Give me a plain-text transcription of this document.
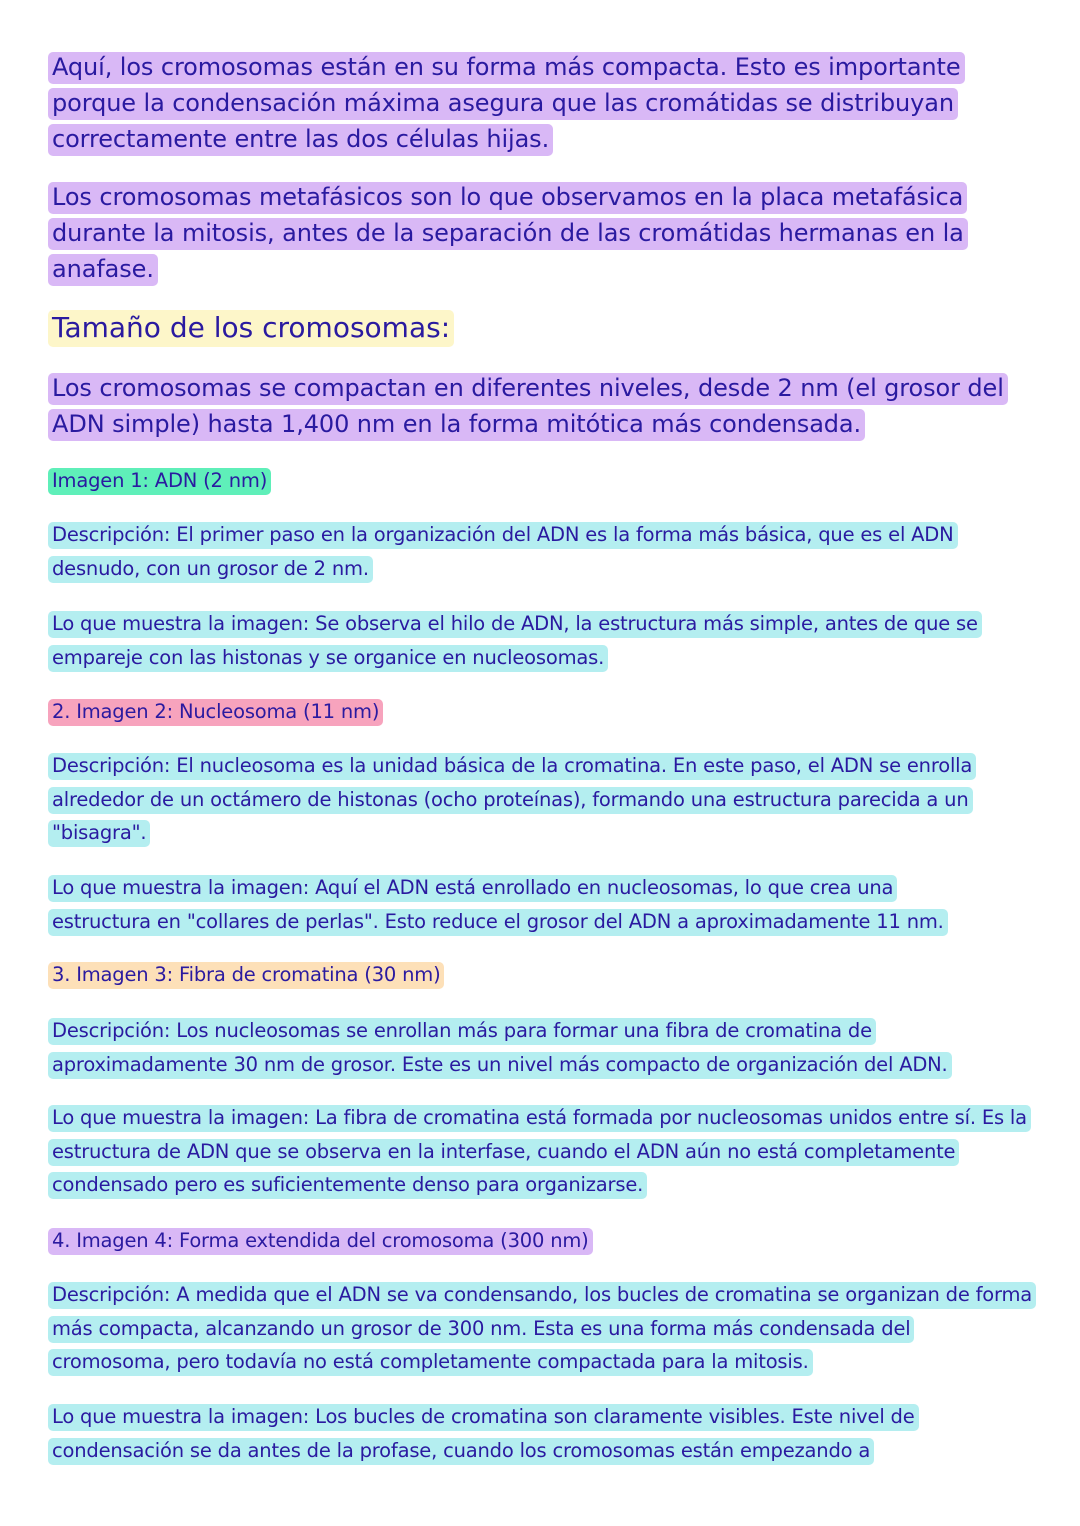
Aquí, los cromosomas están en su forma más compacta. Esto es importante porque la condensación máxima asegura que las cromátidas se distribuyan correctamente entre las dos células hijas.

Los cromosomas metafásicos son lo que observamos en la placa metafásica durante la mitosis, antes de la separación de las cromátidas hermanas en la anafase.

Tamaño de los cromosomas:

Los cromosomas se compactan en diferentes niveles, desde 2 nm (el grosor del ADN simple) hasta 1,400 nm en la forma mitótica más condensada.

Imagen 1: ADN (2 nm)

Descripción: El primer paso en la organización del ADN es la forma más básica, que es el ADN desnudo, con un grosor de 2 nm.

Lo que muestra la imagen: Se observa el hilo de ADN, la estructura más simple, antes de que se empareje con las histonas y se organice en nucleosomas.

2. Imagen 2: Nucleosoma (11 nm)

Descripción: El nucleosoma es la unidad básica de la cromatina. En este paso, el ADN se enrolla alrededor de un octámero de histonas (ocho proteínas), formando una estructura parecida a un "bisagra".

Lo que muestra la imagen: Aquí el ADN está enrollado en nucleosomas, lo que crea una estructura en "collares de perlas". Esto reduce el grosor del ADN a aproximadamente 11 nm.

3. Imagen 3: Fibra de cromatina (30 nm)

Descripción: Los nucleosomas se enrollan más para formar una fibra de cromatina de aproximadamente 30 nm de grosor. Este es un nivel más compacto de organización del ADN.

Lo que muestra la imagen: La fibra de cromatina está formada por nucleosomas unidos entre sí. Es la estructura de ADN que se observa en la interfase, cuando el ADN aún no está completamente condensado pero es suficientemente denso para organizarse.

4. Imagen 4: Forma extendida del cromosoma (300 nm)

Descripción: A medida que el ADN se va condensando, los bucles de cromatina se organizan de forma más compacta, alcanzando un grosor de 300 nm. Esta es una forma más condensada del cromosoma, pero todavía no está completamente compactada para la mitosis.

Lo que muestra la imagen: Los bucles de cromatina son claramente visibles. Este nivel de condensación se da antes de la profase, cuando los cromosomas están empezando a
